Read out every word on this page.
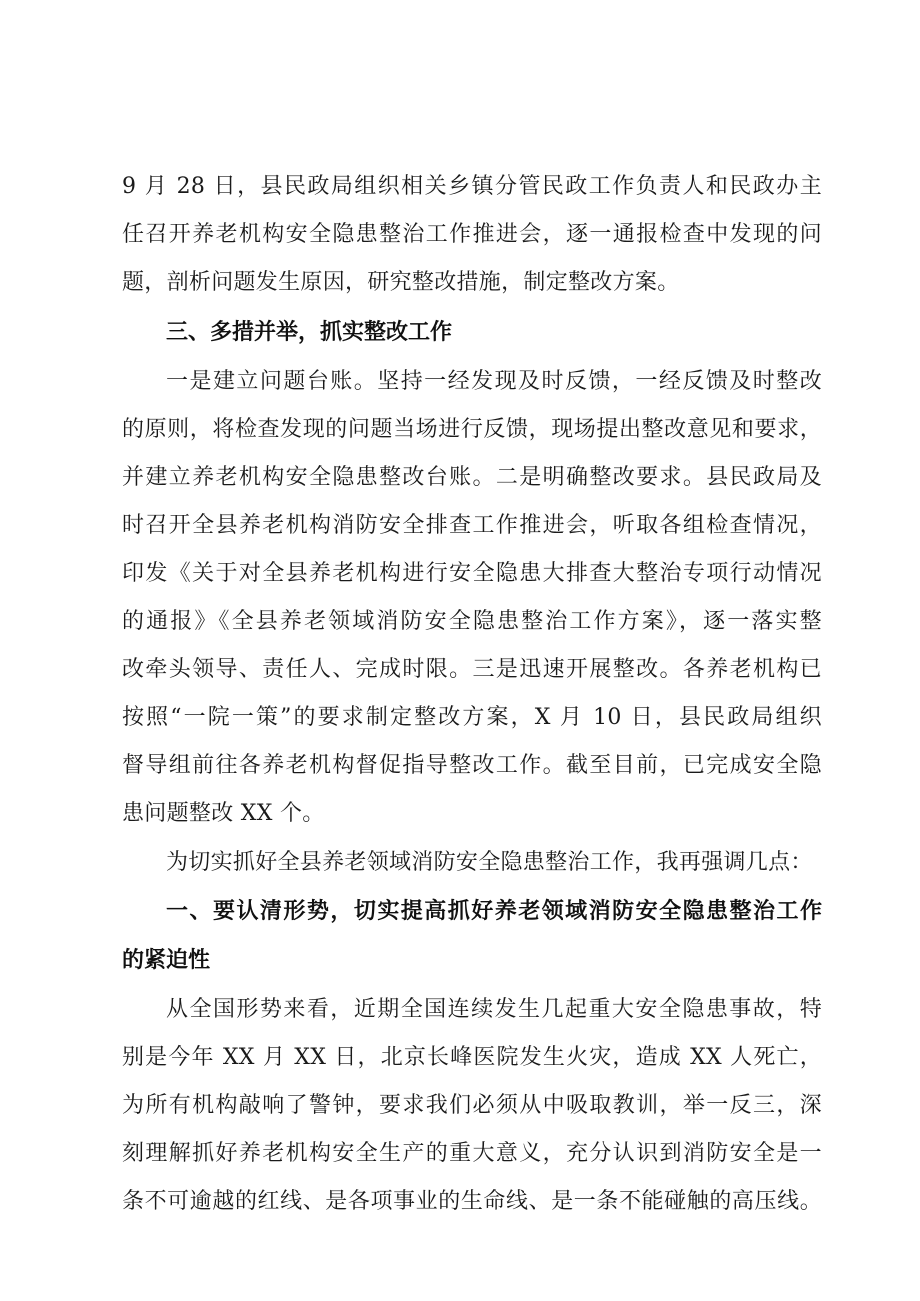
9 月 28 日，县民政局组织相关乡镇分管民政工作负责人和民政办主
任召开养老机构安全隐患整治工作推进会，逐一通报检查中发现的问
题，剖析问题发生原因，研究整改措施，制定整改方案。
三、多措并举，抓实整改工作
一是建立问题台账。坚持一经发现及时反馈，一经反馈及时整改
的原则，将检查发现的问题当场进行反馈，现场提出整改意见和要求，
并建立养老机构安全隐患整改台账。二是明确整改要求。县民政局及
时召开全县养老机构消防安全排查工作推进会，听取各组检查情况，
印发《关于对全县养老机构进行安全隐患大排查大整治专项行动情况
的通报》《全县养老领域消防安全隐患整治工作方案》，逐一落实整
改牵头领导、责任人、完成时限。三是迅速开展整改。各养老机构已
按照“一院一策”的要求制定整改方案，X 月 10 日，县民政局组织
督导组前往各养老机构督促指导整改工作。截至目前，已完成安全隐
患问题整改 XX 个。
为切实抓好全县养老领域消防安全隐患整治工作，我再强调几点：
一、要认清形势，切实提高抓好养老领域消防安全隐患整治工作
的紧迫性
从全国形势来看，近期全国连续发生几起重大安全隐患事故，特
别是今年 XX 月 XX 日，北京长峰医院发生火灾，造成 XX 人死亡，
为所有机构敲响了警钟，要求我们必须从中吸取教训，举一反三，深
刻理解抓好养老机构安全生产的重大意义，充分认识到消防安全是一
条不可逾越的红线、是各项事业的生命线、是一条不能碰触的高压线。
